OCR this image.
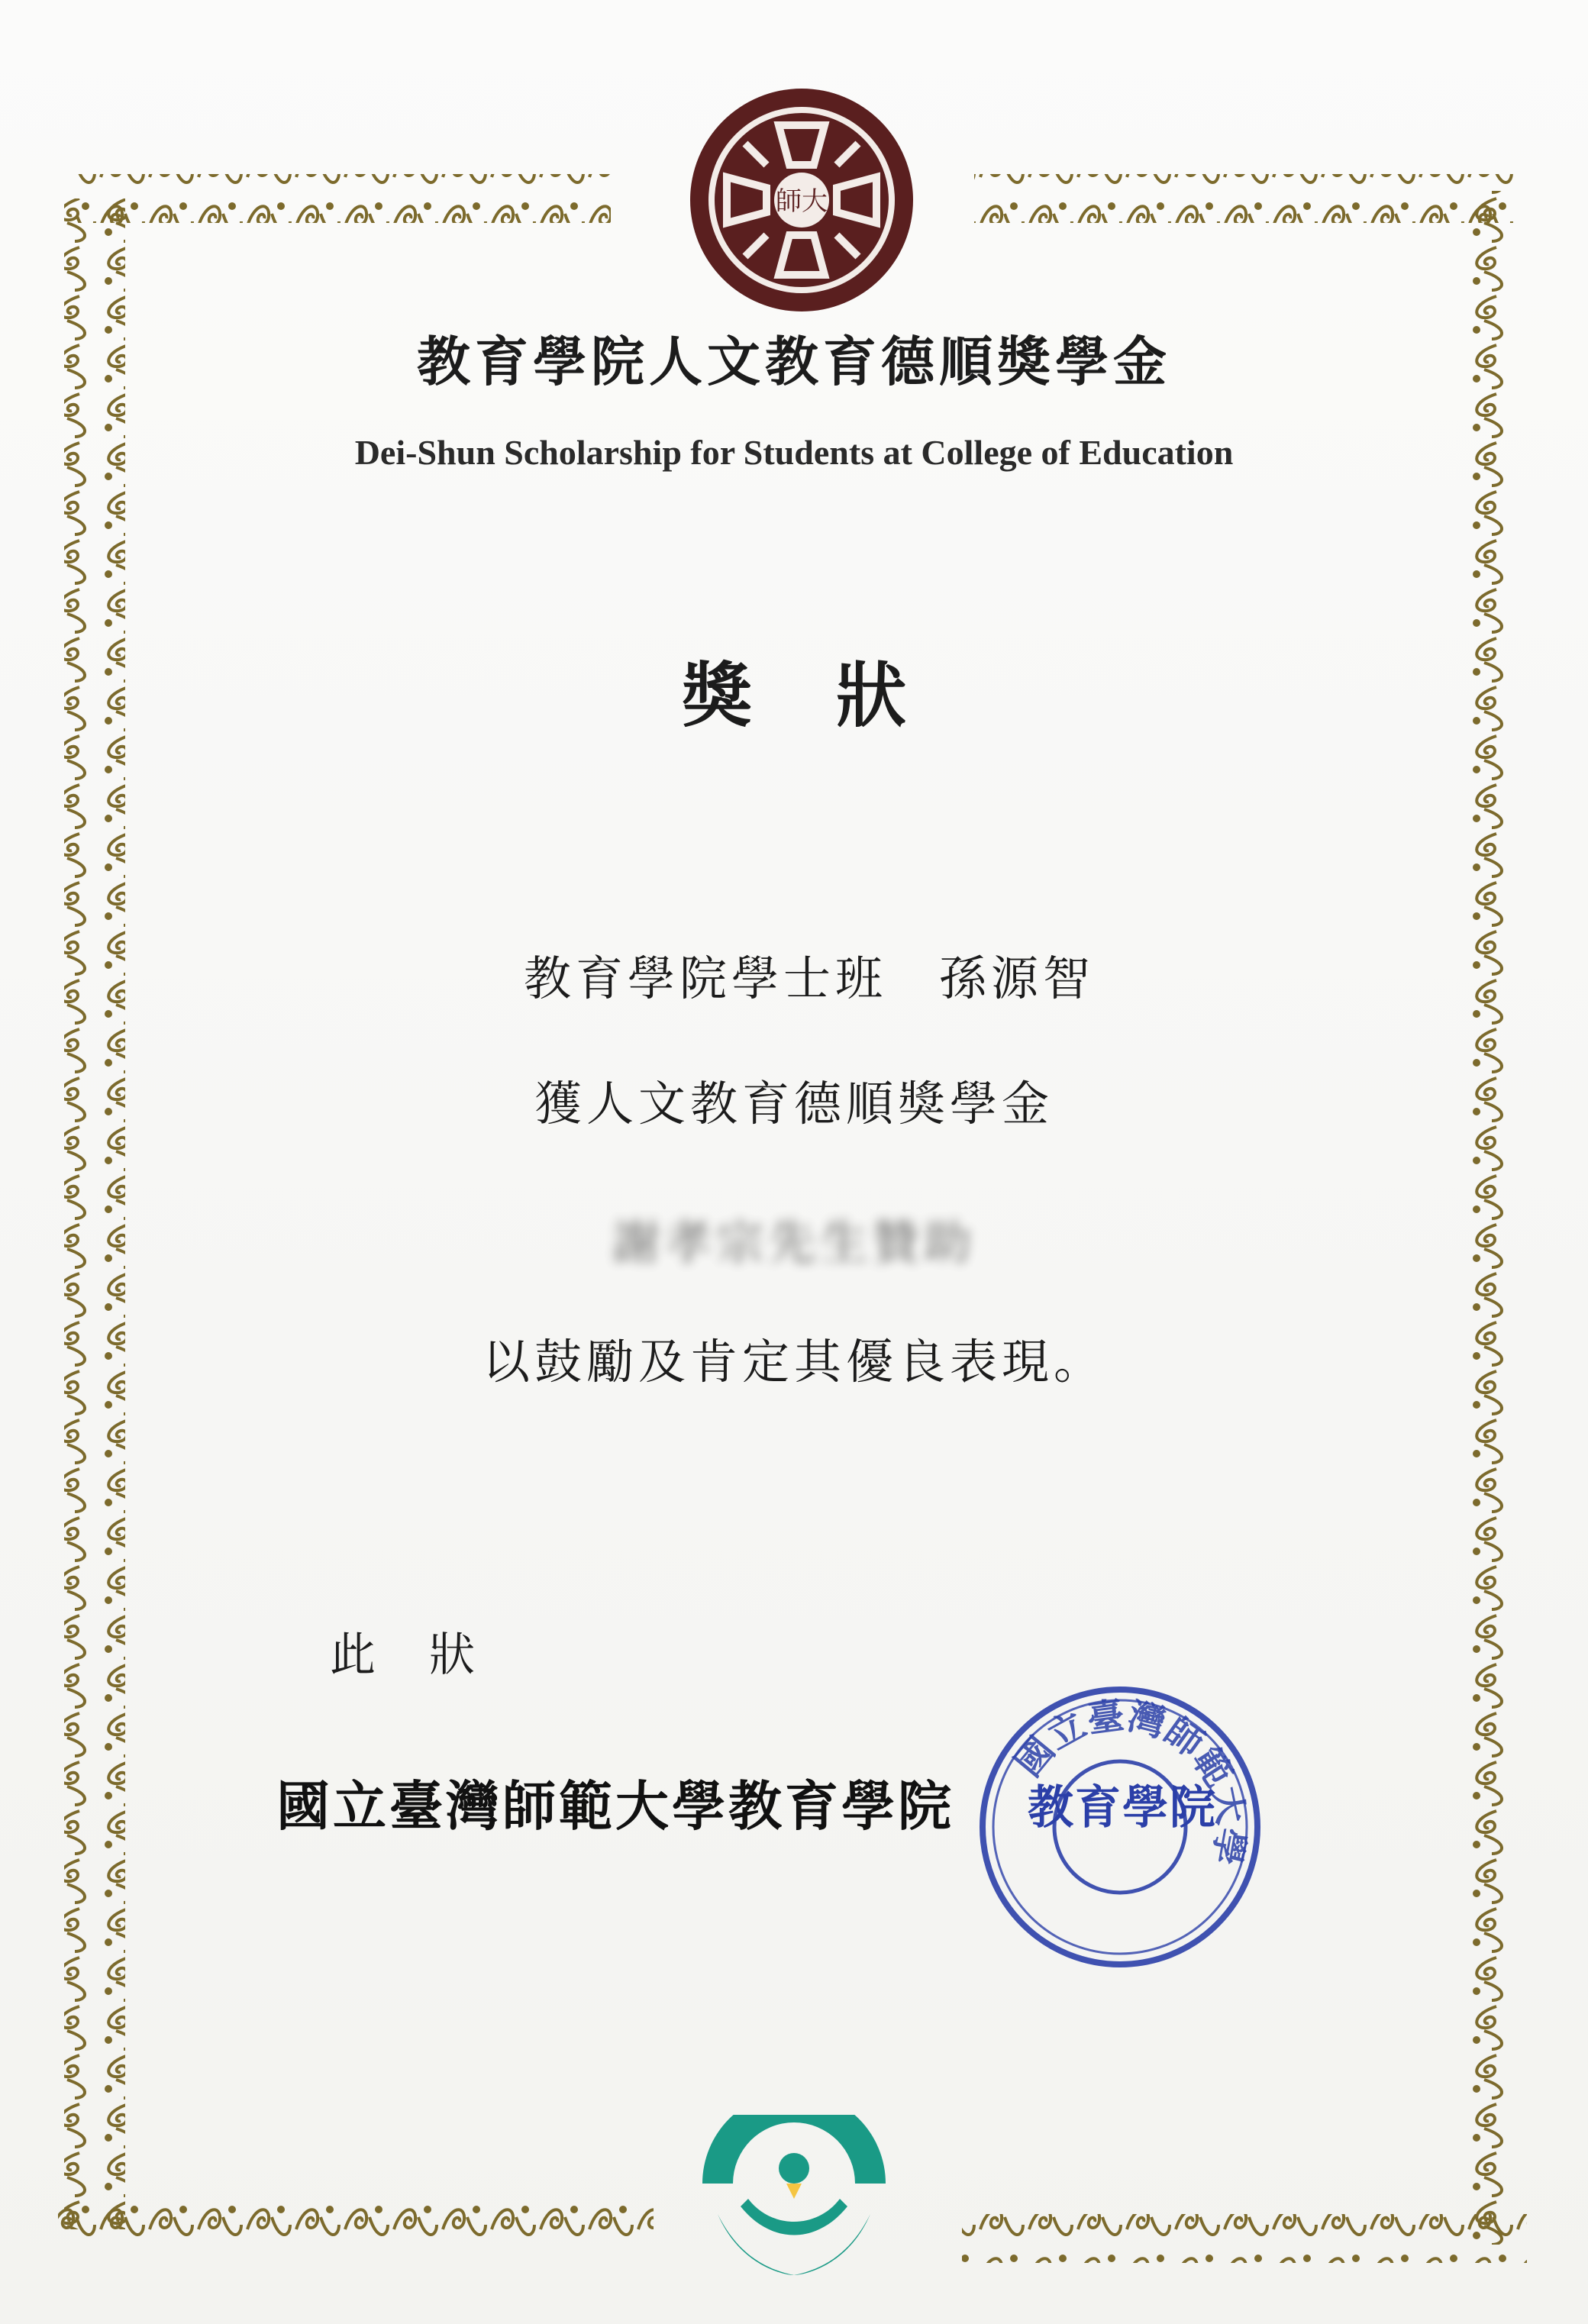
師大
教育學院人文教育德順獎學金
Dei-Shun Scholarship for Students at College of Education
獎狀
教育學院學士班　孫源智
獲人文教育德順獎學金
謝孝宗先生贊助
以鼓勵及肯定其優良表現。
此狀
國立臺灣師範大學教育學院
國立臺灣師範大學
教育學院
